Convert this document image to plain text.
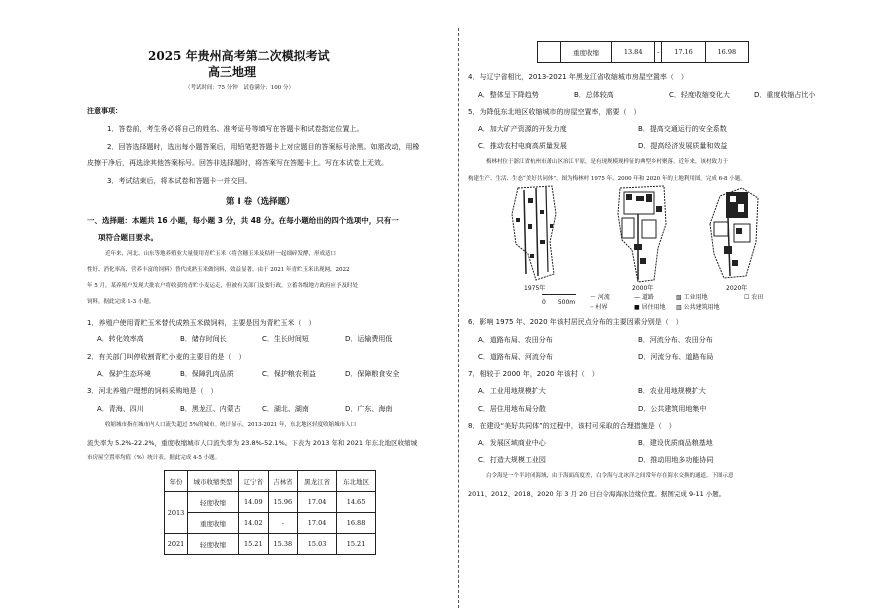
2025 年贵州高考第二次模拟考试
高三地理
（考试时间：75 分钟　试卷满分：100 分）
注意事项：
1．答卷前，考生务必将自己的姓名、准考证号等填写在答题卡和试卷指定位置上。
2．回答选择题时，选出每小题答案后，用铅笔把答题卡上对应题目的答案标号涂黑。如需改动，用橡
皮擦干净后，再选涂其他答案标号。回答非选择题时，将答案写在答题卡上。写在本试卷上无效。
3．考试结束后，将本试卷和答题卡一并交回。
第 I 卷（选择题）
一、选择题：本题共 16 小题，每小题 3 分，共 48 分。在每小题给出的四个选项中，只有一
项符合题目要求。
近年来，河北、山东等地养殖业大量使用青贮玉米（将含穗玉米及秸秆一起细碎发酵，形成适口
性好、消化率高、营养丰富的饲料）替代成熟玉米做饲料，效益显著。由于 2021 年青贮玉米出现网，2022
年 5 月，某养殖户发现大批农户将收获的青贮小麦运走，但被有关部门及要行政，立蓄各级地方政府应予及时处
饲料，据此完成 1-3 小题。
1．养殖户使用青贮玉米替代成熟玉米做饲料，主要是因为青贮玉米（　）
A．转化效率高	B．储存时间长	C．生长时间短	D．运输费用低
2．有关部门叫停收割青贮小麦的主要目的是（　）
A．保护生态环境	B．保障乳肉品质	C．保护粮农利益	D．保障粮食安全
3．河北养殖户理想的饲料采购地是（　）
A．青海、四川	B．黑龙江、内蒙古	C．湖北、湖南	D．广东、海南
收缩城市指在城市内人口流失超过 5%的城市。统计显示，2013-2021 年，东北地区轻度收缩城市人口
流失率为 5.2%-22.2%，重度收缩城市人口流失率为 23.8%-52.1%。下表为 2013 年和 2021 年东北地区收缩城
市房屋空置率均值（%）统计表。据此完成 4-5 小题。
年份	城市收缩类型	辽宁省	吉林省	黑龙江省	东北地区
2013	轻度收缩	14.09	15.96	17.04	14.65
	重度收缩	14.02	-	17.04	16.88
2021	轻度收缩	15.21	15.38	15.03	15.21
	重度收缩	13.84	-	17.16	16.98
4．与辽宁省相比，2013-2021 年黑龙江省收缩城市房屋空置率（　）
A．整体呈下降趋势	B．总体较高	C．轻度收缩变化大	D．重度收缩占比小
5．为降低东北地区收缩城市的房屋空置率，需要（　）
A．加大矿产资源的开发力度	B．提高交通运行的安全系数
C．推动农村电商高质量发展	D．提高经济发展质量和效益
梅林村位于浙江省杭州市萧山区治江平原，是有现规模现样征的典型乡村聚落。近年来，该村致力于
构建生产、生活、生态“美好共同体”。图为梅林村 1975 年、2000 年和 2020 年的土地利用图。完成 6-8 小题。
1975年	2000年	2020年
0　　500m
～ 河流	— 道路	▧ 工业用地	☐ 农田
┈ 村界	■ 居住用地 ▥ 公共建筑用地
6．影响 1975 年、2020 年该村居民点分布的主要因素分别是（　）
A．道路布局、农田分布	B．河流分布、农田分布
C．道路布局、河流分布	D．河流分布、道路布局
7．相较于 2000 年，2020 年该村（　）
A．工业用地规模扩大	B．农业用地规模扩大
C．居住用地布局分散	D．公共建筑用地集中
8．在建设“美好共同体”的过程中，该村可采取的合理措施是（　）
A．发展区域商业中心	B．建设优质商品粮基地
C．打造大规模工业园	D．推动用地多功能协同
白令海是一个半封闭海域，由于海面高度差，白令海与北冰洋之间常年存在海水交换的通道。下图示意
2011、2012、2018、2020 年 3 月 20 日白令海海冰边缘位置。据图完成 9-11 小题。
